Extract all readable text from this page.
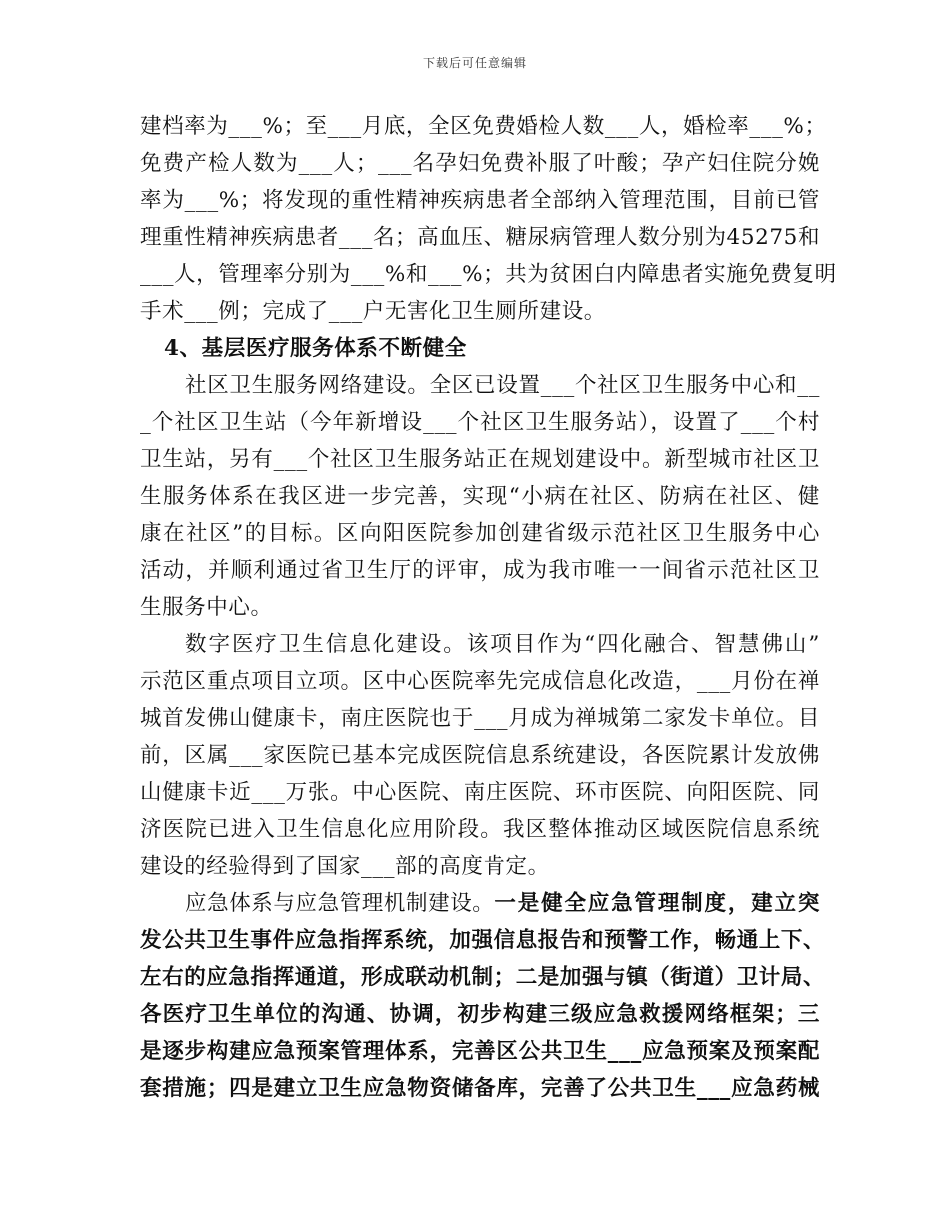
下载后可任意编辑
建档率为___%；至___月底，全区免费婚检人数___人，婚检率___%；
免费产检人数为___人；___名孕妇免费补服了叶酸；孕产妇住院分娩
率为___%；将发现的重性精神疾病患者全部纳入管理范围，目前已管
理重性精神疾病患者___名；高血压、糖尿病管理人数分别为45275和
___人，管理率分别为___%和___%；共为贫困白内障患者实施免费复明
手术___例；完成了___户无害化卫生厕所建设。
4、基层医疗服务体系不断健全
社区卫生服务网络建设。全区已设置___个社区卫生服务中心和__
_个社区卫生站（今年新增设___个社区卫生服务站），设置了___个村
卫生站，另有___个社区卫生服务站正在规划建设中。新型城市社区卫
生服务体系在我区进一步完善，实现“小病在社区、防病在社区、健
康在社区”的目标。区向阳医院参加创建省级示范社区卫生服务中心
活动，并顺利通过省卫生厅的评审，成为我市唯一一间省示范社区卫
生服务中心。
数字医疗卫生信息化建设。该项目作为“四化融合、智慧佛山”
示范区重点项目立项。区中心医院率先完成信息化改造，___月份在禅
城首发佛山健康卡，南庄医院也于___月成为禅城第二家发卡单位。目
前，区属___家医院已基本完成医院信息系统建设，各医院累计发放佛
山健康卡近___万张。中心医院、南庄医院、环市医院、向阳医院、同
济医院已进入卫生信息化应用阶段。我区整体推动区域医院信息系统
建设的经验得到了国家___部的高度肯定。
应急体系与应急管理机制建设。 一是健全应急管理制度，建立突
发公共卫生事件应急指挥系统，加强信息报告和预警工作，畅通上下、
左右的应急指挥通道，形成联动机制；二是加强与镇（街道）卫计局、
各医疗卫生单位的沟通、协调，初步构建三级应急救援网络框架；三
是逐步构建应急预案管理体系，完善区公共卫生___应急预案及预案配
套措施；四是建立卫生应急物资储备库，完善了公共卫生___应急药械
